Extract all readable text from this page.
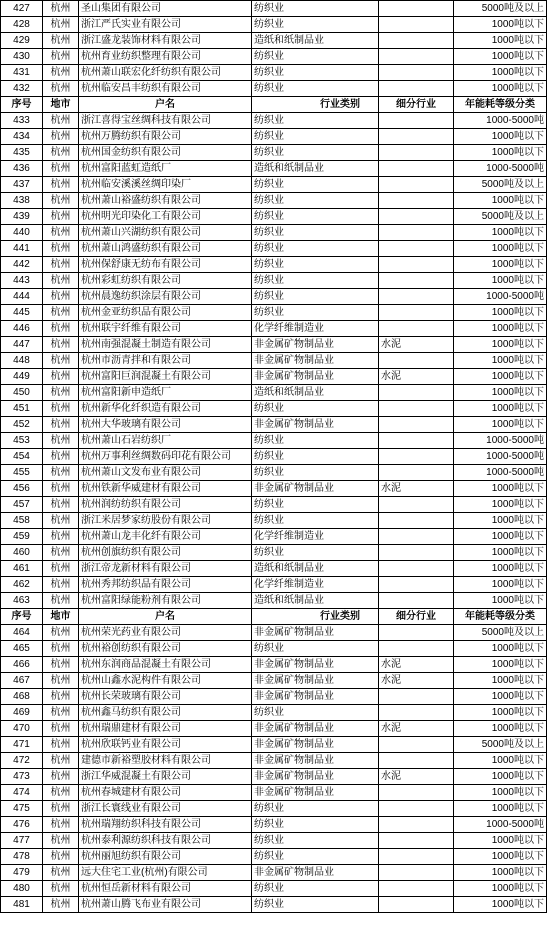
427	杭州	圣山集团有限公司	纺织业		5000吨及以上
428	杭州	浙江严氏实业有限公司	纺织业		1000吨以下
429	杭州	浙江盛龙装饰材料有限公司	造纸和纸制品业		1000吨以下
430	杭州	杭州育业纺织整理有限公司	纺织业		1000吨以下
431	杭州	杭州萧山联宏化纤纺织有限公司	纺织业		1000吨以下
432	杭州	杭州临安昌丰纺织有限公司	纺织业		1000吨以下
序号	地市	户名	行业类别	细分行业	年能耗等级分类
433	杭州	浙江喜得宝丝绸科技有限公司	纺织业		1000-5000吨
434	杭州	杭州万腾纺织有限公司	纺织业		1000吨以下
435	杭州	杭州国金纺织有限公司	纺织业		1000吨以下
436	杭州	杭州富阳蓝虹造纸厂	造纸和纸制品业		1000-5000吨
437	杭州	杭州临安溪溪丝绸印染厂	纺织业		5000吨及以上
438	杭州	杭州萧山裕盛纺织有限公司	纺织业		1000吨以下
439	杭州	杭州明光印染化工有限公司	纺织业		5000吨及以上
440	杭州	杭州萧山兴湖纺织有限公司	纺织业		1000吨以下
441	杭州	杭州萧山鸿盛纺织有限公司	纺织业		1000吨以下
442	杭州	杭州保舒康无纺布有限公司	纺织业		1000吨以下
443	杭州	杭州彩虹纺织有限公司	纺织业		1000吨以下
444	杭州	杭州晨逸纺织涂层有限公司	纺织业		1000-5000吨
445	杭州	杭州金亚纺织品有限公司	纺织业		1000吨以下
446	杭州	杭州联宇纤维有限公司	化学纤维制造业		1000吨以下
447	杭州	杭州南强混凝土制造有限公司	非金属矿物制品业	水泥	1000吨以下
448	杭州	杭州市沥青拌和有限公司	非金属矿物制品业		1000吨以下
449	杭州	杭州富阳巨润混凝土有限公司	非金属矿物制品业	水泥	1000吨以下
450	杭州	杭州富阳新申造纸厂	造纸和纸制品业		1000吨以下
451	杭州	杭州新华化纤织造有限公司	纺织业		1000吨以下
452	杭州	杭州大华玻璃有限公司	非金属矿物制品业		1000吨以下
453	杭州	杭州萧山石岩纺织厂	纺织业		1000-5000吨
454	杭州	杭州万事利丝绸数码印花有限公司	纺织业		1000-5000吨
455	杭州	杭州萧山文发布业有限公司	纺织业		1000-5000吨
456	杭州	杭州铁新华威建材有限公司	非金属矿物制品业	水泥	1000吨以下
457	杭州	杭州润纺纺织有限公司	纺织业		1000吨以下
458	杭州	浙江米居梦家纺股份有限公司	纺织业		1000吨以下
459	杭州	杭州萧山龙丰化纤有限公司	化学纤维制造业		1000吨以下
460	杭州	杭州创旗纺织有限公司	纺织业		1000吨以下
461	杭州	浙江帝龙新材料有限公司	造纸和纸制品业		1000吨以下
462	杭州	杭州秀邦纺织品有限公司	化学纤维制造业		1000吨以下
463	杭州	杭州富阳绿能粉剂有限公司	造纸和纸制品业		1000吨以下
序号	地市	户名	行业类别	细分行业	年能耗等级分类
464	杭州	杭州荣光药业有限公司	非金属矿物制品业		5000吨及以上
465	杭州	杭州裕创纺织有限公司	纺织业		1000吨以下
466	杭州	杭州东润商品混凝土有限公司	非金属矿物制品业	水泥	1000吨以下
467	杭州	杭州山鑫水泥构件有限公司	非金属矿物制品业	水泥	1000吨以下
468	杭州	杭州长荣玻璃有限公司	非金属矿物制品业		1000吨以下
469	杭州	杭州鑫马纺织有限公司	纺织业		1000吨以下
470	杭州	杭州瑞鼎建材有限公司	非金属矿物制品业	水泥	1000吨以下
471	杭州	杭州欣联钙业有限公司	非金属矿物制品业		5000吨及以上
472	杭州	建德市新裕塑胶材料有限公司	非金属矿物制品业		1000吨以下
473	杭州	浙江华威混凝土有限公司	非金属矿物制品业	水泥	1000吨以下
474	杭州	杭州春城建材有限公司	非金属矿物制品业		1000吨以下
475	杭州	浙江长寰线业有限公司	纺织业		1000吨以下
476	杭州	杭州瑞翔纺织科技有限公司	纺织业		1000-5000吨
477	杭州	杭州泰利源纺织科技有限公司	纺织业		1000吨以下
478	杭州	杭州丽旭纺织有限公司	纺织业		1000吨以下
479	杭州	远大住宅工业(杭州)有限公司	非金属矿物制品业		1000吨以下
480	杭州	杭州恒岳新材料有限公司	纺织业		1000吨以下
481	杭州	杭州萧山腾飞布业有限公司	纺织业		1000吨以下
